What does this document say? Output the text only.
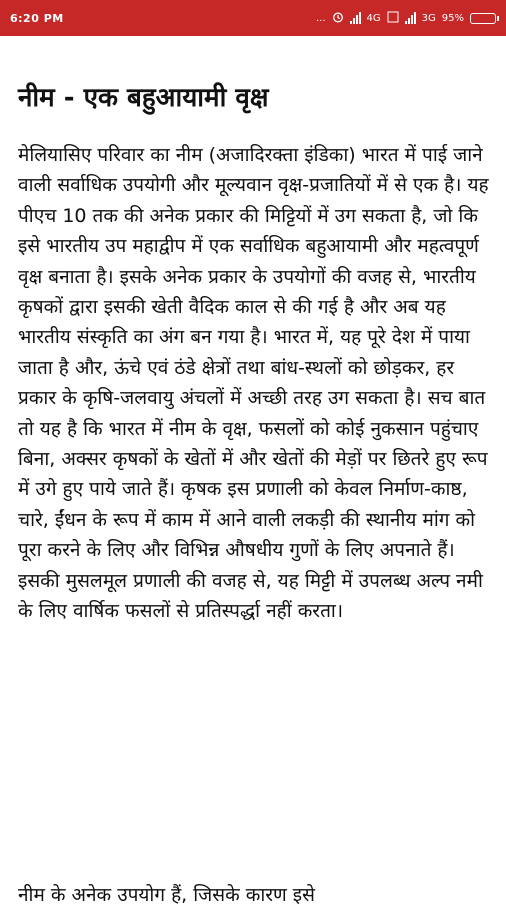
6:20 PM	...	4G	3G 95%
नीम - एक बहुआयामी वृक्ष

मेलियासिए परिवार का नीम (अजादिरक्ता इंडिका) भारत में पाई जाने वाली सर्वाधिक उपयोगी और मूल्यवान वृक्ष-प्रजातियों में से एक है। यह पीएच 10 तक की अनेक प्रकार की मिट्टियों में उग सकता है, जो कि इसे भारतीय उप महाद्वीप में एक सर्वाधिक बहुआयामी और महत्वपूर्ण वृक्ष बनाता है। इसके अनेक प्रकार के उपयोगों की वजह से, भारतीय कृषकों द्वारा इसकी खेती वैदिक काल से की गई है और अब यह भारतीय संस्कृति का अंग बन गया है। भारत में, यह पूरे देश में पाया जाता है और, ऊंचे एवं ठंडे क्षेत्रों तथा बांध-स्थलों को छोड़कर, हर प्रकार के कृषि-जलवायु अंचलों में अच्छी तरह उग सकता है। सच बात तो यह है कि भारत में नीम के वृक्ष, फसलों को कोई नुकसान पहुंचाए बिना, अक्सर कृषकों के खेतों में और खेतों की मेड़ों पर छितरे हुए रूप में उगे हुए पाये जाते हैं। कृषक इस प्रणाली को केवल निर्माण-काष्ठ, चारे, ईंधन के रूप में काम में आने वाली लकड़ी की स्थानीय मांग को पूरा करने के लिए और विभिन्न औषधीय गुणों के लिए अपनाते हैं। इसकी मुसलमूल प्रणाली की वजह से, यह मिट्टी में उपलब्ध अल्प नमी के लिए वार्षिक फसलों से प्रतिस्पर्द्धा नहीं करता।

नीम के अनेक उपयोग हैं, जिसके कारण इसे
